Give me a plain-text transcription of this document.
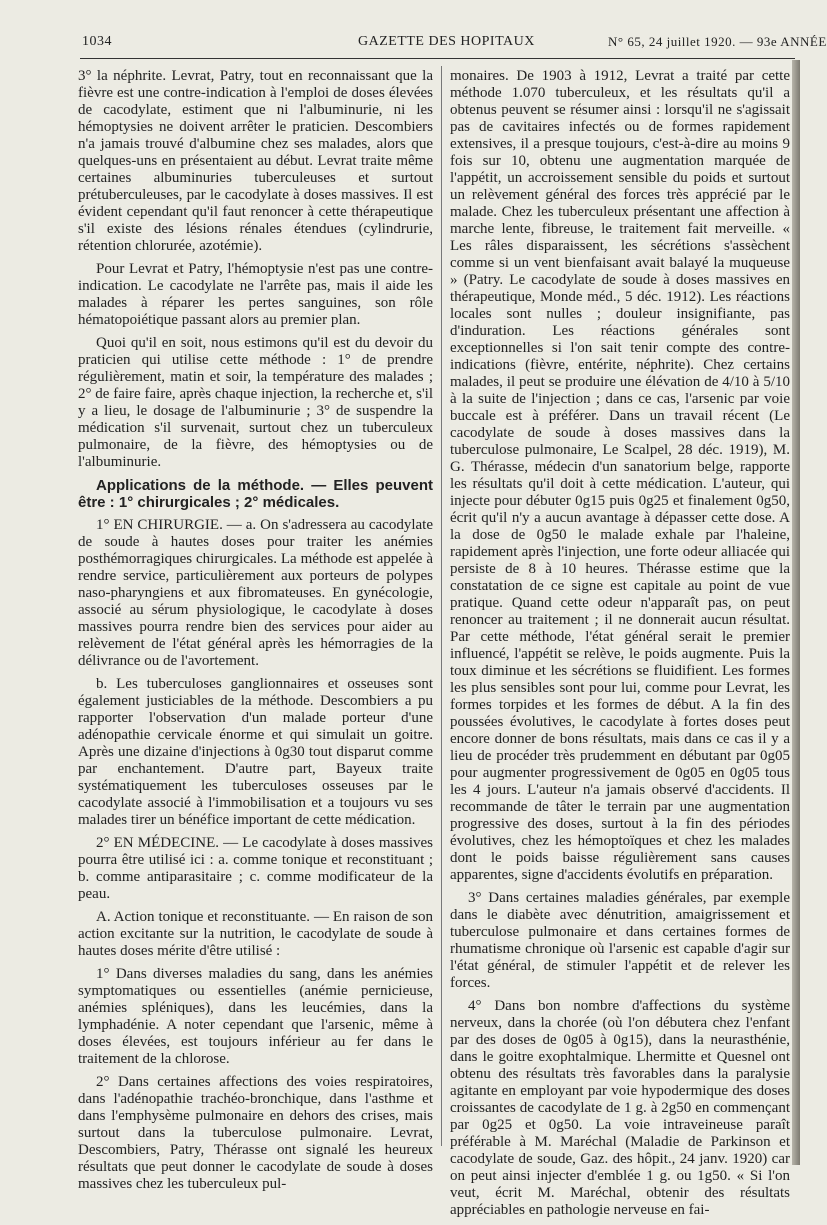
1034	GAZETTE DES HOPITAUX	N° 65, 24 juillet 1920. — 93e ANNÉE

3° la néphrite. Levrat, Patry, tout en reconnaissant que la fièvre est une contre-indication à l'emploi de doses élevées de cacodylate, estiment que ni l'albuminurie, ni les hémoptysies ne doivent arrêter le praticien. Descombiers n'a jamais trouvé d'albumine chez ses malades, alors que quelques-uns en présentaient au début. Levrat traite même certaines albuminuries tuberculeuses et surtout prétuberculeuses, par le cacodylate à doses massives. Il est évident cependant qu'il faut renoncer à cette thérapeutique s'il existe des lésions rénales étendues (cylindrurie, rétention chlorurée, azotémie).

Pour Levrat et Patry, l'hémoptysie n'est pas une contre-indication. Le cacodylate ne l'arrête pas, mais il aide les malades à réparer les pertes sanguines, son rôle hématopoiétique passant alors au premier plan.

Quoi qu'il en soit, nous estimons qu'il est du devoir du praticien qui utilise cette méthode : 1° de prendre régulièrement, matin et soir, la température des malades ; 2° de faire faire, après chaque injection, la recherche et, s'il y a lieu, le dosage de l'albuminurie ; 3° de suspendre la médication s'il survenait, surtout chez un tuberculeux pulmonaire, de la fièvre, des hémoptysies ou de l'albuminurie.

Applications de la méthode. — Elles peuvent être : 1° chirurgicales ; 2° médicales.

1° EN CHIRURGIE. — a. On s'adressera au cacodylate de soude à hautes doses pour traiter les anémies posthémorragiques chirurgicales. La méthode est appelée à rendre service, particulièrement aux porteurs de polypes naso-pharyngiens et aux fibromateuses. En gynécologie, associé au sérum physiologique, le cacodylate à doses massives pourra rendre bien des services pour aider au relèvement de l'état général après les hémorragies de la délivrance ou de l'avortement.

b. Les tuberculoses ganglionnaires et osseuses sont également justiciables de la méthode. Descombiers a pu rapporter l'observation d'un malade porteur d'une adénopathie cervicale énorme et qui simulait un goitre. Après une dizaine d'injections à 0g30 tout disparut comme par enchantement. D'autre part, Bayeux traite systématiquement les tuberculoses osseuses par le cacodylate associé à l'immobilisation et a toujours vu ses malades tirer un bénéfice important de cette médication.

2° EN MÉDECINE. — Le cacodylate à doses massives pourra être utilisé ici : a. comme tonique et reconstituant ; b. comme antiparasitaire ; c. comme modificateur de la peau.

A. Action tonique et reconstituante. — En raison de son action excitante sur la nutrition, le cacodylate de soude à hautes doses mérite d'être utilisé :

1° Dans diverses maladies du sang, dans les anémies symptomatiques ou essentielles (anémie pernicieuse, anémies spléniques), dans les leucémies, dans la lymphadénie. A noter cependant que l'arsenic, même à doses élevées, est toujours inférieur au fer dans le traitement de la chlorose.

2° Dans certaines affections des voies respiratoires, dans l'adénopathie trachéo-bronchique, dans l'asthme et dans l'emphysème pulmonaire en dehors des crises, mais surtout dans la tuberculose pulmonaire. Levrat, Descombiers, Patry, Thérasse ont signalé les heureux résultats que peut donner le cacodylate de soude à doses massives chez les tuberculeux pul-

monaires. De 1903 à 1912, Levrat a traité par cette méthode 1.070 tuberculeux, et les résultats qu'il a obtenus peuvent se résumer ainsi : lorsqu'il ne s'agissait pas de cavitaires infectés ou de formes rapidement extensives, il a presque toujours, c'est-à-dire au moins 9 fois sur 10, obtenu une augmentation marquée de l'appétit, un accroissement sensible du poids et surtout un relèvement général des forces très apprécié par le malade. Chez les tuberculeux présentant une affection à marche lente, fibreuse, le traitement fait merveille. « Les râles disparaissent, les sécrétions s'assèchent comme si un vent bienfaisant avait balayé la muqueuse » (Patry. Le cacodylate de soude à doses massives en thérapeutique, Monde méd., 5 déc. 1912). Les réactions locales sont nulles ; douleur insignifiante, pas d'induration. Les réactions générales sont exceptionnelles si l'on sait tenir compte des contre-indications (fièvre, entérite, néphrite). Chez certains malades, il peut se produire une élévation de 4/10 à 5/10 à la suite de l'injection ; dans ce cas, l'arsenic par voie buccale est à préférer. Dans un travail récent (Le cacodylate de soude à doses massives dans la tuberculose pulmonaire, Le Scalpel, 28 déc. 1919), M. G. Thérasse, médecin d'un sanatorium belge, rapporte les résultats qu'il doit à cette médication. L'auteur, qui injecte pour débuter 0g15 puis 0g25 et finalement 0g50, écrit qu'il n'y a aucun avantage à dépasser cette dose. A la dose de 0g50 le malade exhale par l'haleine, rapidement après l'injection, une forte odeur alliacée qui persiste de 8 à 10 heures. Thérasse estime que la constatation de ce signe est capitale au point de vue pratique. Quand cette odeur n'apparaît pas, on peut renoncer au traitement ; il ne donnerait aucun résultat. Par cette méthode, l'état général serait le premier influencé, l'appétit se relève, le poids augmente. Puis la toux diminue et les sécrétions se fluidifient. Les formes les plus sensibles sont pour lui, comme pour Levrat, les formes torpides et les formes de début. A la fin des poussées évolutives, le cacodylate à fortes doses peut encore donner de bons résultats, mais dans ce cas il y a lieu de procéder très prudemment en débutant par 0g05 pour augmenter progressivement de 0g05 en 0g05 tous les 4 jours. L'auteur n'a jamais observé d'accidents. Il recommande de tâter le terrain par une augmentation progressive des doses, surtout à la fin des périodes évolutives, chez les hémoptoïques et chez les malades dont le poids baisse régulièrement sans causes apparentes, signe d'accidents évolutifs en préparation.

3° Dans certaines maladies générales, par exemple dans le diabète avec dénutrition, amaigrissement et tuberculose pulmonaire et dans certaines formes de rhumatisme chronique où l'arsenic est capable d'agir sur l'état général, de stimuler l'appétit et de relever les forces.

4° Dans bon nombre d'affections du système nerveux, dans la chorée (où l'on débutera chez l'enfant par des doses de 0g05 à 0g15), dans la neurasthénie, dans le goitre exophtalmique. Lhermitte et Quesnel ont obtenu des résultats très favorables dans la paralysie agitante en employant par voie hypodermique des doses croissantes de cacodylate de 1 g. à 2g50 en commençant par 0g25 et 0g50. La voie intraveineuse paraît préférable à M. Maréchal (Maladie de Parkinson et cacodylate de soude, Gaz. des hôpit., 24 janv. 1920) car on peut ainsi injecter d'emblée 1 g. ou 1g50. « Si l'on veut, écrit M. Maréchal, obtenir des résultats appréciables en pathologie nerveuse en fai-
